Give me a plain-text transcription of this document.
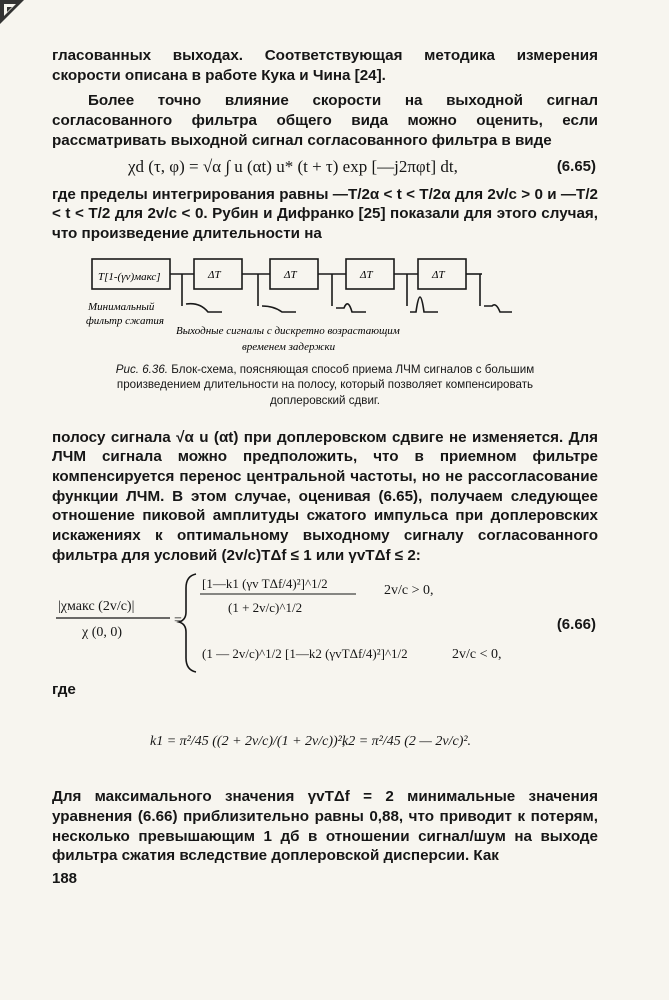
гласованных выходах. Соответствующая методика измерения скорости описана в работе Кука и Чина [24].

Более точно влияние скорости на выходной сигнал согласованного фильтра общего вида можно оценить, если рассматривать выходной сигнал согласованного фильтра в виде

χd (τ, φ) = √α ∫ u (αt) u* (t + τ) exp [—j2πφt] dt,	(6.65)

где пределы интегрирования равны —T/2α < t < T/2α для 2v/c > 0 и —T/2 < t < T/2 для 2v/c < 0. Рубин и Дифранко [25] показали для этого случая, что произведение длительности на

T[1-(γv)макс]	ΔT	ΔT	ΔT	ΔT
Минимальный
фильтр сжатия
Выходные сигналы с дискретно возрастающим
временем задержки
Рис. 6.36. Блок-схема, поясняющая способ приема ЛЧМ сигналов с большим произведением длительности на полосу, который позволяет компенсировать доплеровский сдвиг.

полосу сигнала √α u (αt) при доплеровском сдвиге не изменяется. Для ЛЧМ сигнала можно предположить, что в приемном фильтре компенсируется перенос центральной частоты, но не рассогласование функции ЛЧМ. В этом случае, оценивая (6.65), получаем следующее отношение пиковой амплитуды сжатого импульса при доплеровских искажениях к оптимальному выходному сигналу согласованного фильтра для условий (2v/c)TΔf ≤ 1 или γvTΔf ≤ 2:

|χмакс (2v/c)|
χ (0, 0)
=
[1—k1 (γv TΔf/4)²]^1/2
(1 + 2v/c)^1/2
2v/c > 0,
(1 — 2v/c)^1/2 [1—k2 (γvTΔf/4)²]^1/2	2v/c < 0,
(6.66)

где

k1 = π²/45 ((2 + 2v/c)/(1 + 2v/c))²,
k2 = π²/45 (2 — 2v/c)².

Для максимального значения γvTΔf = 2 минимальные значения уравнения (6.66) приблизительно равны 0,88, что приводит к потерям, несколько превышающим 1 дб в отношении сигнал/шум на выходе фильтра сжатия вследствие доплеровской дисперсии. Как

188
